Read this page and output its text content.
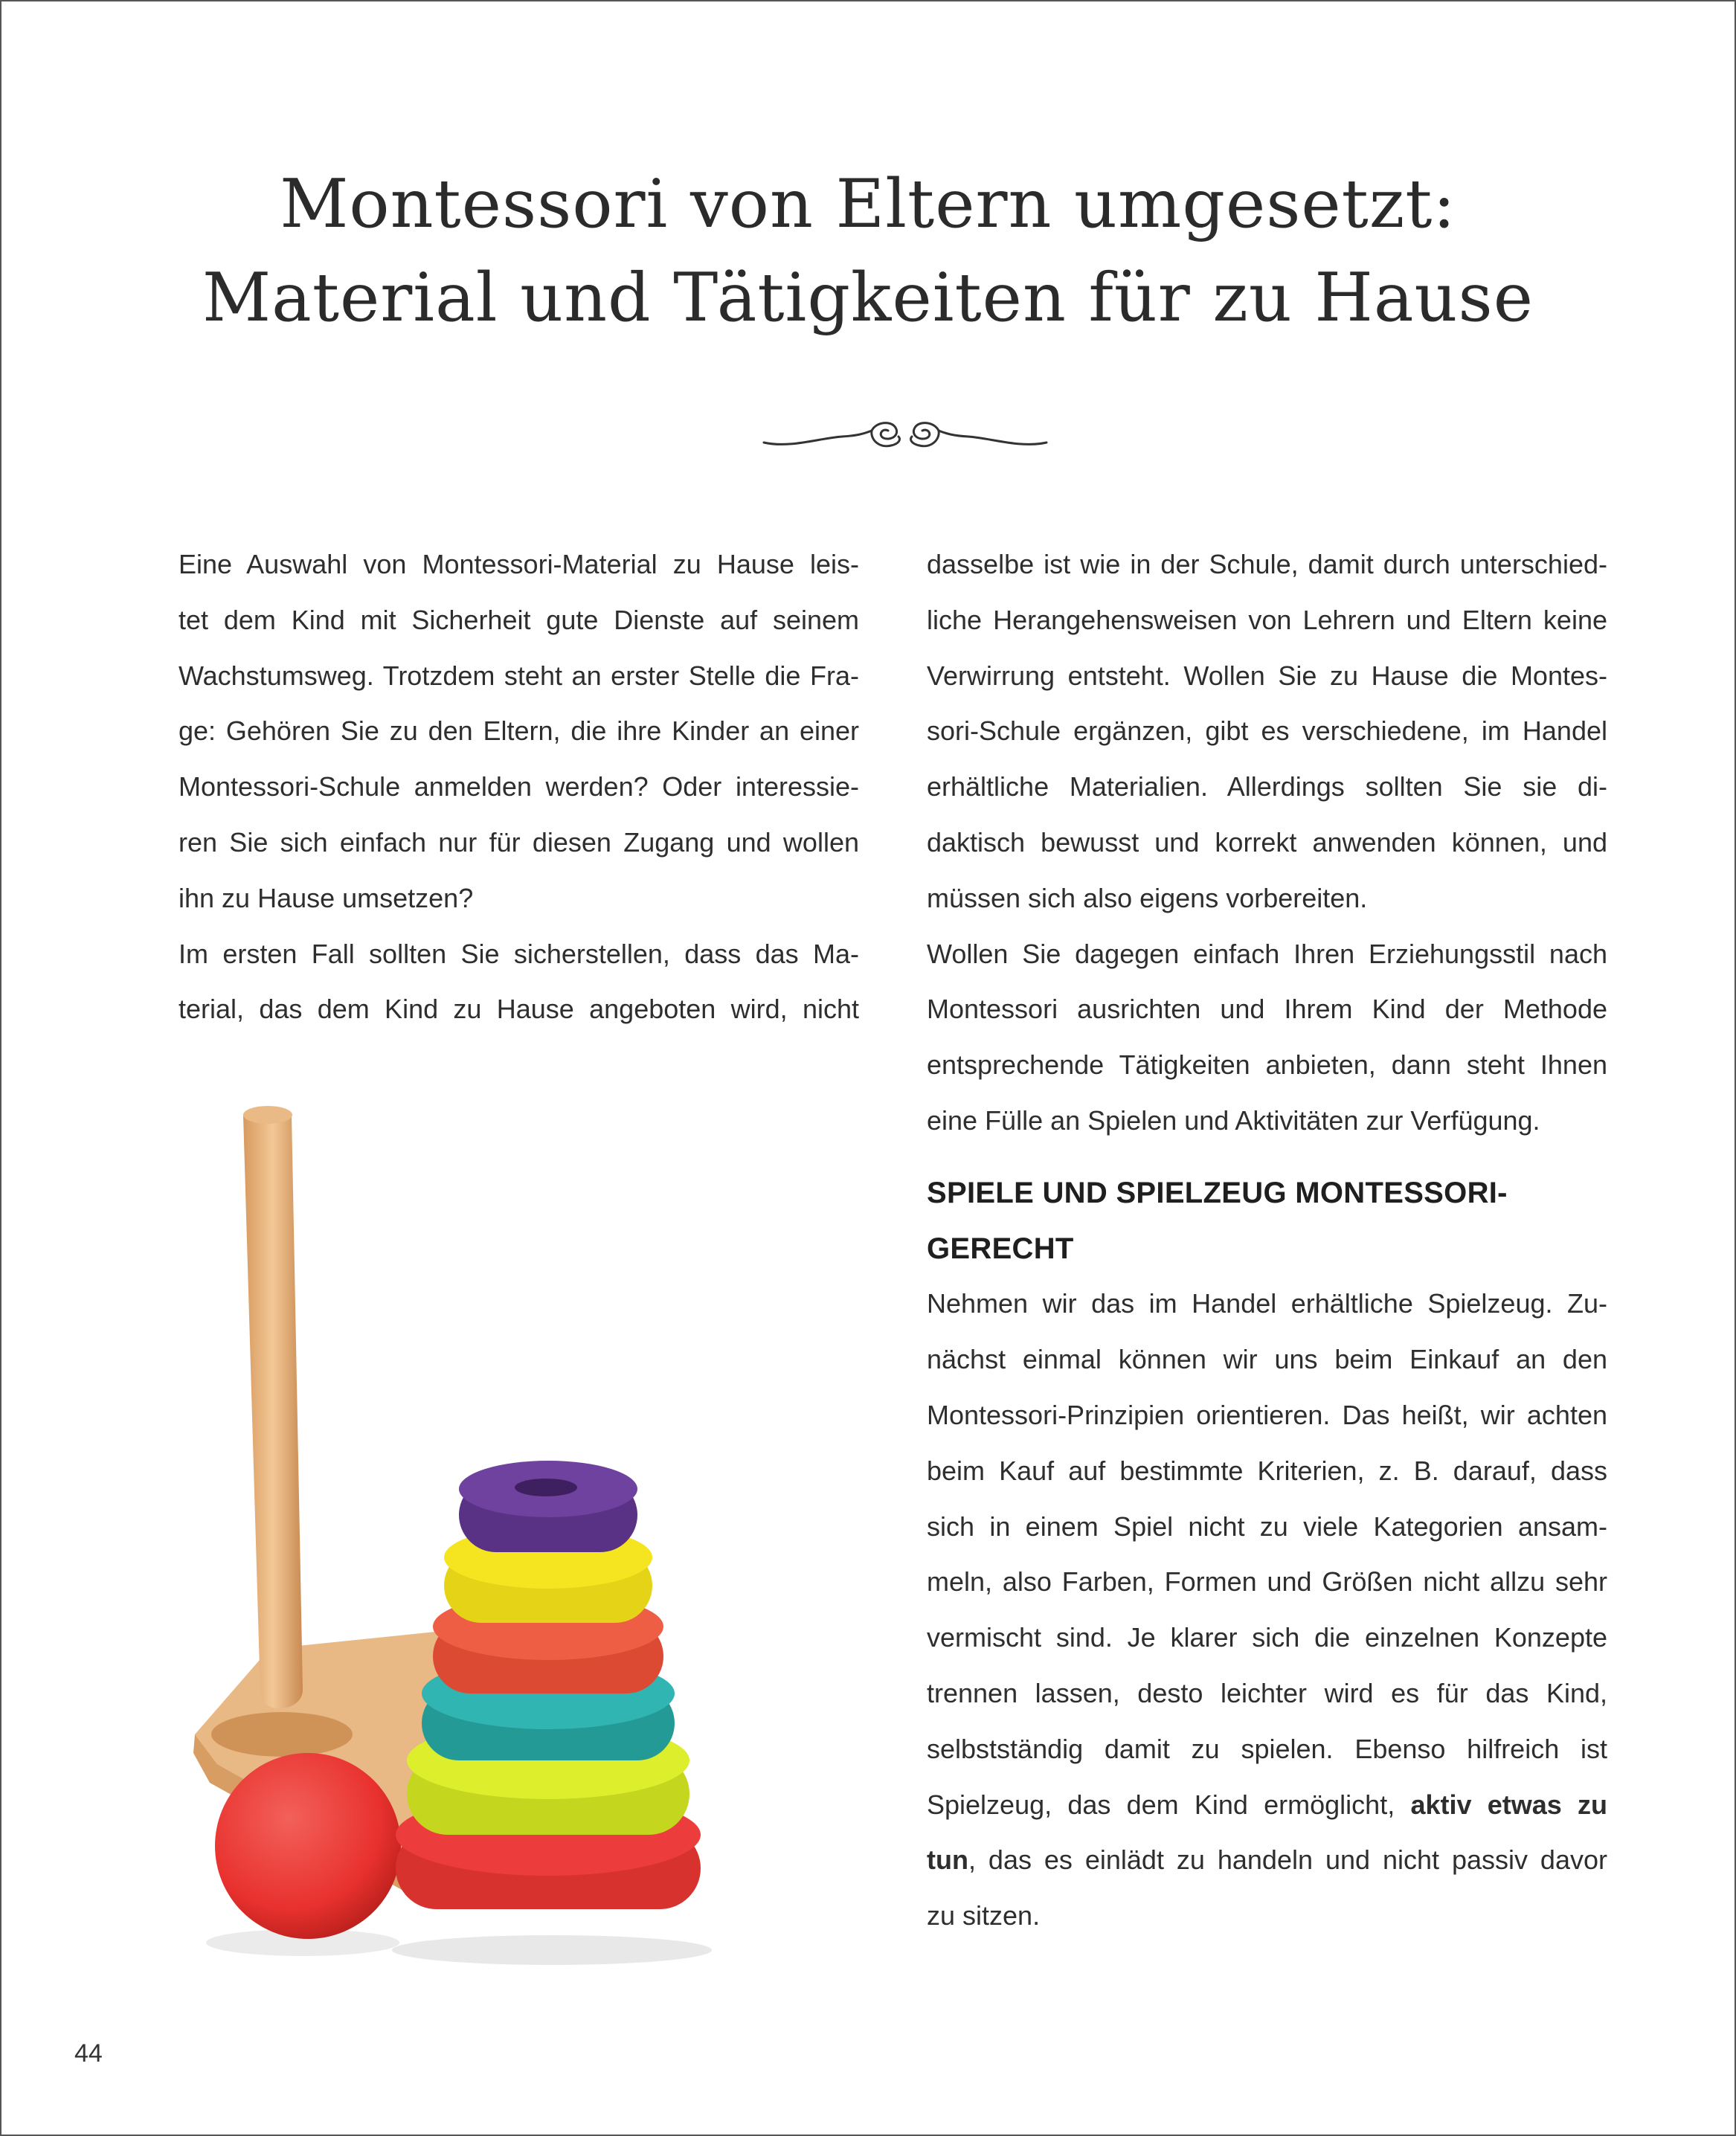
Montessori von Eltern umgesetzt:
Material und Tätigkeiten für zu Hause
Eine Auswahl von Montessori-Material zu Hause leis-
tet dem Kind mit Sicherheit gute Dienste auf seinem
Wachstumsweg. Trotzdem steht an erster Stelle die Fra-
ge: Gehören Sie zu den Eltern, die ihre Kinder an einer
Montessori-Schule anmelden werden? Oder interessie-
ren Sie sich einfach nur für diesen Zugang und wollen
ihn zu Hause umsetzen?
Im ersten Fall sollten Sie sicherstellen, dass das Ma-
terial, das dem Kind zu Hause angeboten wird, nicht
dasselbe ist wie in der Schule, damit durch unterschied-
liche Herangehensweisen von Lehrern und Eltern keine
Verwirrung entsteht. Wollen Sie zu Hause die Montes-
sori-Schule ergänzen, gibt es verschiedene, im Handel
erhältliche Materialien. Allerdings sollten Sie sie di-
daktisch bewusst und korrekt anwenden können, und
müssen sich also eigens vorbereiten.
Wollen Sie dagegen einfach Ihren Erziehungsstil nach
Montessori ausrichten und Ihrem Kind der Methode
entsprechende Tätigkeiten anbieten, dann steht Ihnen
eine Fülle an Spielen und Aktivitäten zur Verfügung.
SPIELE UND SPIELZEUG MONTESSORI-
GERECHT
Nehmen wir das im Handel erhältliche Spielzeug. Zu-
nächst einmal können wir uns beim Einkauf an den
Montessori-Prinzipien orientieren. Das heißt, wir achten
beim Kauf auf bestimmte Kriterien, z. B. darauf, dass
sich in einem Spiel nicht zu viele Kategorien ansam-
meln, also Farben, Formen und Größen nicht allzu sehr
vermischt sind. Je klarer sich die einzelnen Konzepte
trennen lassen, desto leichter wird es für das Kind,
selbstständig damit zu spielen. Ebenso hilfreich ist
Spielzeug, das dem Kind ermöglicht, aktiv etwas zu
tun, das es einlädt zu handeln und nicht passiv davor
zu sitzen.
44
